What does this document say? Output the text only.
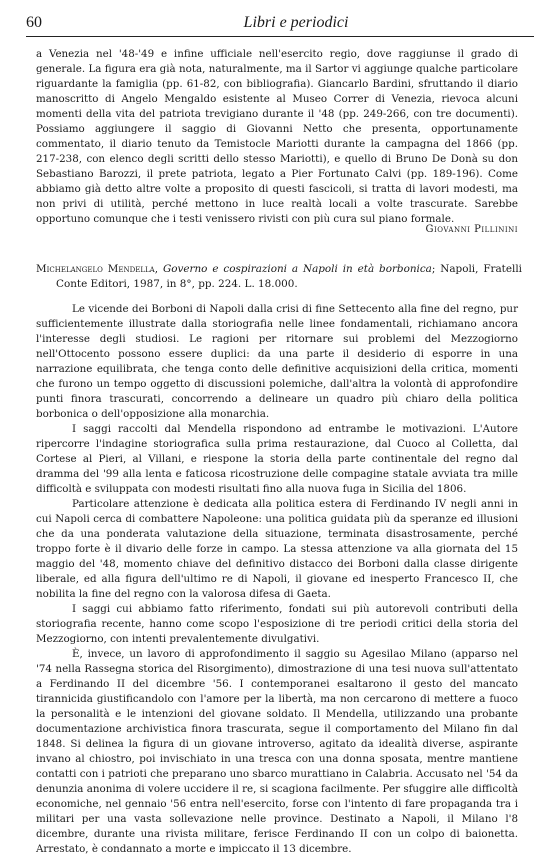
60	Libri e periodici

a Venezia nel '48-'49 e infine ufficiale nell'esercito regio, dove raggiunse il grado di generale. La figura era già nota, naturalmente, ma il Sartor vi aggiunge qualche particolare riguardante la famiglia (pp. 61-82, con bibliografia). Giancarlo Bardini, sfruttando il diario manoscritto di Angelo Mengaldo esistente al Museo Correr di Venezia, rievoca alcuni momenti della vita del patriota trevigiano durante il '48 (pp. 249-266, con tre documenti). Possiamo aggiungere il saggio di Giovanni Netto che presenta, opportunamente commentato, il diario tenuto da Temistocle Mariotti durante la campagna del 1866 (pp. 217-238, con elenco degli scritti dello stesso Mariotti), e quello di Bruno De Donà su don Sebastiano Barozzi, il prete patriota, legato a Pier Fortunato Calvi (pp. 189-196). Come abbiamo già detto altre volte a proposito di questi fascicoli, si tratta di lavori modesti, ma non privi di utilità, perché mettono in luce realtà locali a volte trascurate. Sarebbe opportuno comunque che i testi venissero rivisti con più cura sul piano formale.

Giovanni Pillinini

Michelangelo Mendella, Governo e cospirazioni a Napoli in età borbonica; Napoli, Fratelli Conte Editori, 1987, in 8°, pp. 224. L. 18.000.

Le vicende dei Borboni di Napoli dalla crisi di fine Settecento alla fine del regno, pur sufficientemente illustrate dalla storiografia nelle linee fondamentali, richiamano ancora l'interesse degli studiosi. Le ragioni per ritornare sui problemi del Mezzogiorno nell'Ottocento possono essere duplici: da una parte il desiderio di esporre in una narrazione equilibrata, che tenga conto delle definitive acquisizioni della critica, momenti che furono un tempo oggetto di discussioni polemiche, dall'altra la volontà di approfondire punti finora trascurati, concorrendo a delineare un quadro più chiaro della politica borbonica o dell'opposizione alla monarchia.

I saggi raccolti dal Mendella rispondono ad entrambe le motivazioni. L'Autore ripercorre l'indagine storiografica sulla prima restaurazione, dal Cuoco al Colletta, dal Cortese al Pieri, al Villani, e riespone la storia della parte continentale del regno dal dramma del '99 alla lenta e faticosa ricostruzione delle compagine statale avviata tra mille difficoltà e sviluppata con modesti risultati fino alla nuova fuga in Sicilia del 1806.

Particolare attenzione è dedicata alla politica estera di Ferdinando IV negli anni in cui Napoli cerca di combattere Napoleone: una politica guidata più da speranze ed illusioni che da una ponderata valutazione della situazione, terminata disastrosamente, perché troppo forte è il divario delle forze in campo. La stessa attenzione va alla giornata del 15 maggio del '48, momento chiave del definitivo distacco dei Borboni dalla classe dirigente liberale, ed alla figura dell'ultimo re di Napoli, il giovane ed inesperto Francesco II, che nobilita la fine del regno con la valorosa difesa di Gaeta.

I saggi cui abbiamo fatto riferimento, fondati sui più autorevoli contributi della storiografia recente, hanno come scopo l'esposizione di tre periodi critici della storia del Mezzogiorno, con intenti prevalentemente divulgativi.

È, invece, un lavoro di approfondimento il saggio su Agesilao Milano (apparso nel '74 nella Rassegna storica del Risorgimento), dimostrazione di una tesi nuova sull'attentato a Ferdinando II del dicembre '56. I contemporanei esaltarono il gesto del mancato tirannicida giustificandolo con l'amore per la libertà, ma non cercarono di mettere a fuoco la personalità e le intenzioni del giovane soldato. Il Mendella, utilizzando una probante documentazione archivistica finora trascurata, segue il comportamento del Milano fin dal 1848. Si delinea la figura di un giovane introverso, agitato da idealità diverse, aspirante invano al chiostro, poi invischiato in una tresca con una donna sposata, mentre mantiene contatti con i patrioti che preparano uno sbarco murattiano in Calabria. Accusato nel '54 da denunzia anonima di volere uccidere il re, si scagiona facilmente. Per sfuggire alle difficoltà economiche, nel gennaio '56 entra nell'esercito, forse con l'intento di fare propaganda tra i militari per una vasta sollevazione nelle province. Destinato a Napoli, il Milano l'8 dicembre, durante una rivista militare, ferisce Ferdinando II con un colpo di baionetta. Arrestato, è condannato a morte e impiccato il 13 dicembre.
